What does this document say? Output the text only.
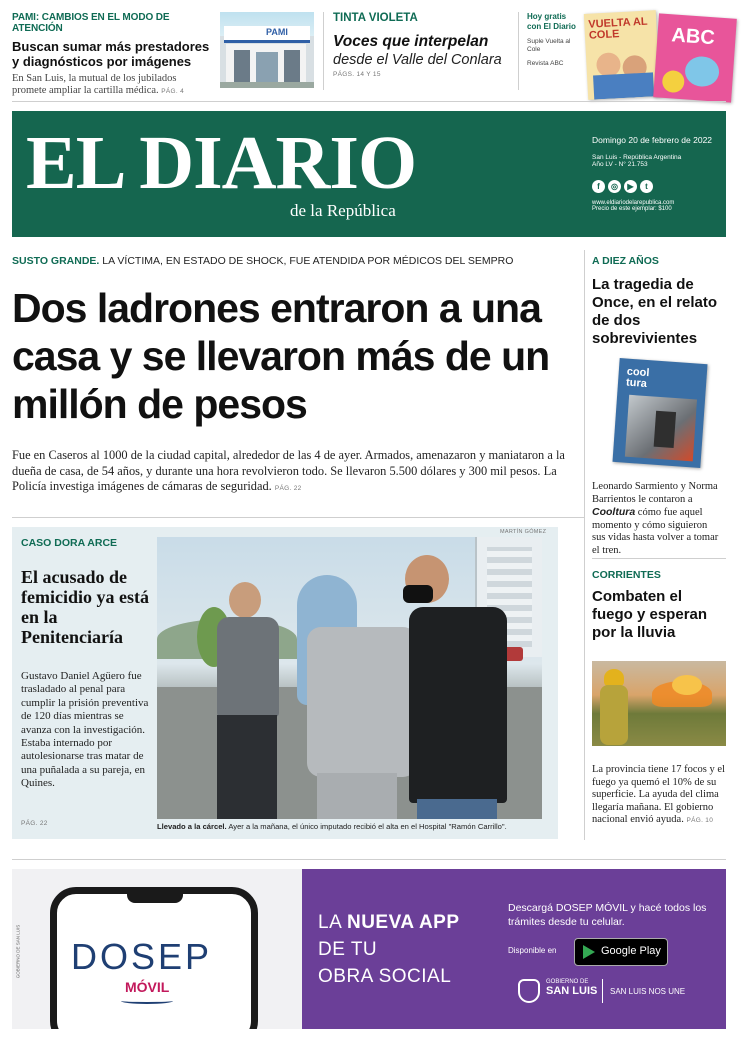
PAMI: CAMBIOS EN EL MODO DE ATENCIÓN
Buscan sumar más prestadores y diagnósticos por imágenes
En San Luis, la mutual de los jubilados promete ampliar la cartilla médica. PÁG. 4
PAMI
TINTA VIOLETA
Voces que interpelan
desde el Valle del Conlara
PÁGS. 14 Y 15
Hoy gratis con El Diario
Suple Vuelta al Cole
Revista ABC
VUELTA AL COLE	ABC
EL DIARIO
de la República
Domingo 20 de febrero de 2022
San Luis - República Argentina
Año LV - N° 21.753
f ◎ ▶ t
www.eldiariodelarepublica.com
Precio de este ejemplar: $100
SUSTO GRANDE. LA VÍCTIMA, EN ESTADO DE SHOCK, FUE ATENDIDA POR MÉDICOS DEL SEMPRO
Dos ladrones entraron a una casa y se llevaron más de un millón de pesos
Fue en Caseros al 1000 de la ciudad capital, alrededor de las 4 de ayer. Armados, amenazaron y maniataron a la dueña de casa, de 54 años, y durante una hora revolvieron todo. Se llevaron 5.500 dólares y 300 mil pesos. La Policía investiga imágenes de cámaras de seguridad. PÁG. 22
CASO DORA ARCE
El acusado de femicidio ya está en la Penitenciaría
Gustavo Daniel Agüero fue trasladado al penal para cumplir la prisión preventiva de 120 días mientras se avanza con la investigación. Estaba internado por autolesionarse tras matar de una puñalada a su pareja, en Quines.
PÁG. 22
MARTÍN GÓMEZ
Llevado a la cárcel. Ayer a la mañana, el único imputado recibió el alta en el Hospital "Ramón Carrillo".
A DIEZ AÑOS
La tragedia de Once, en el relato de dos sobrevivientes
cool tura
Leonardo Sarmiento y Norma Barrientos le contaron a Cooltura cómo fue aquel momento y cómo siguieron sus vidas hasta volver a tomar el tren.
CORRIENTES
Combaten el fuego y esperan por la lluvia
La provincia tiene 17 focos y el fuego ya quemó el 10% de su superficie. La ayuda del clima llegaría mañana. El gobierno nacional envió ayuda. PÁG. 10
GOBIERNO DE SAN LUIS DOSEP
MÓVIL
LA NUEVA APP
DE TU
OBRA SOCIAL
Descargá DOSEP MÓVIL y hacé todos los trámites desde tu celular.
Disponible en	Google Play
GOBIERNO DE
SAN LUIS SAN LUIS NOS UNE
